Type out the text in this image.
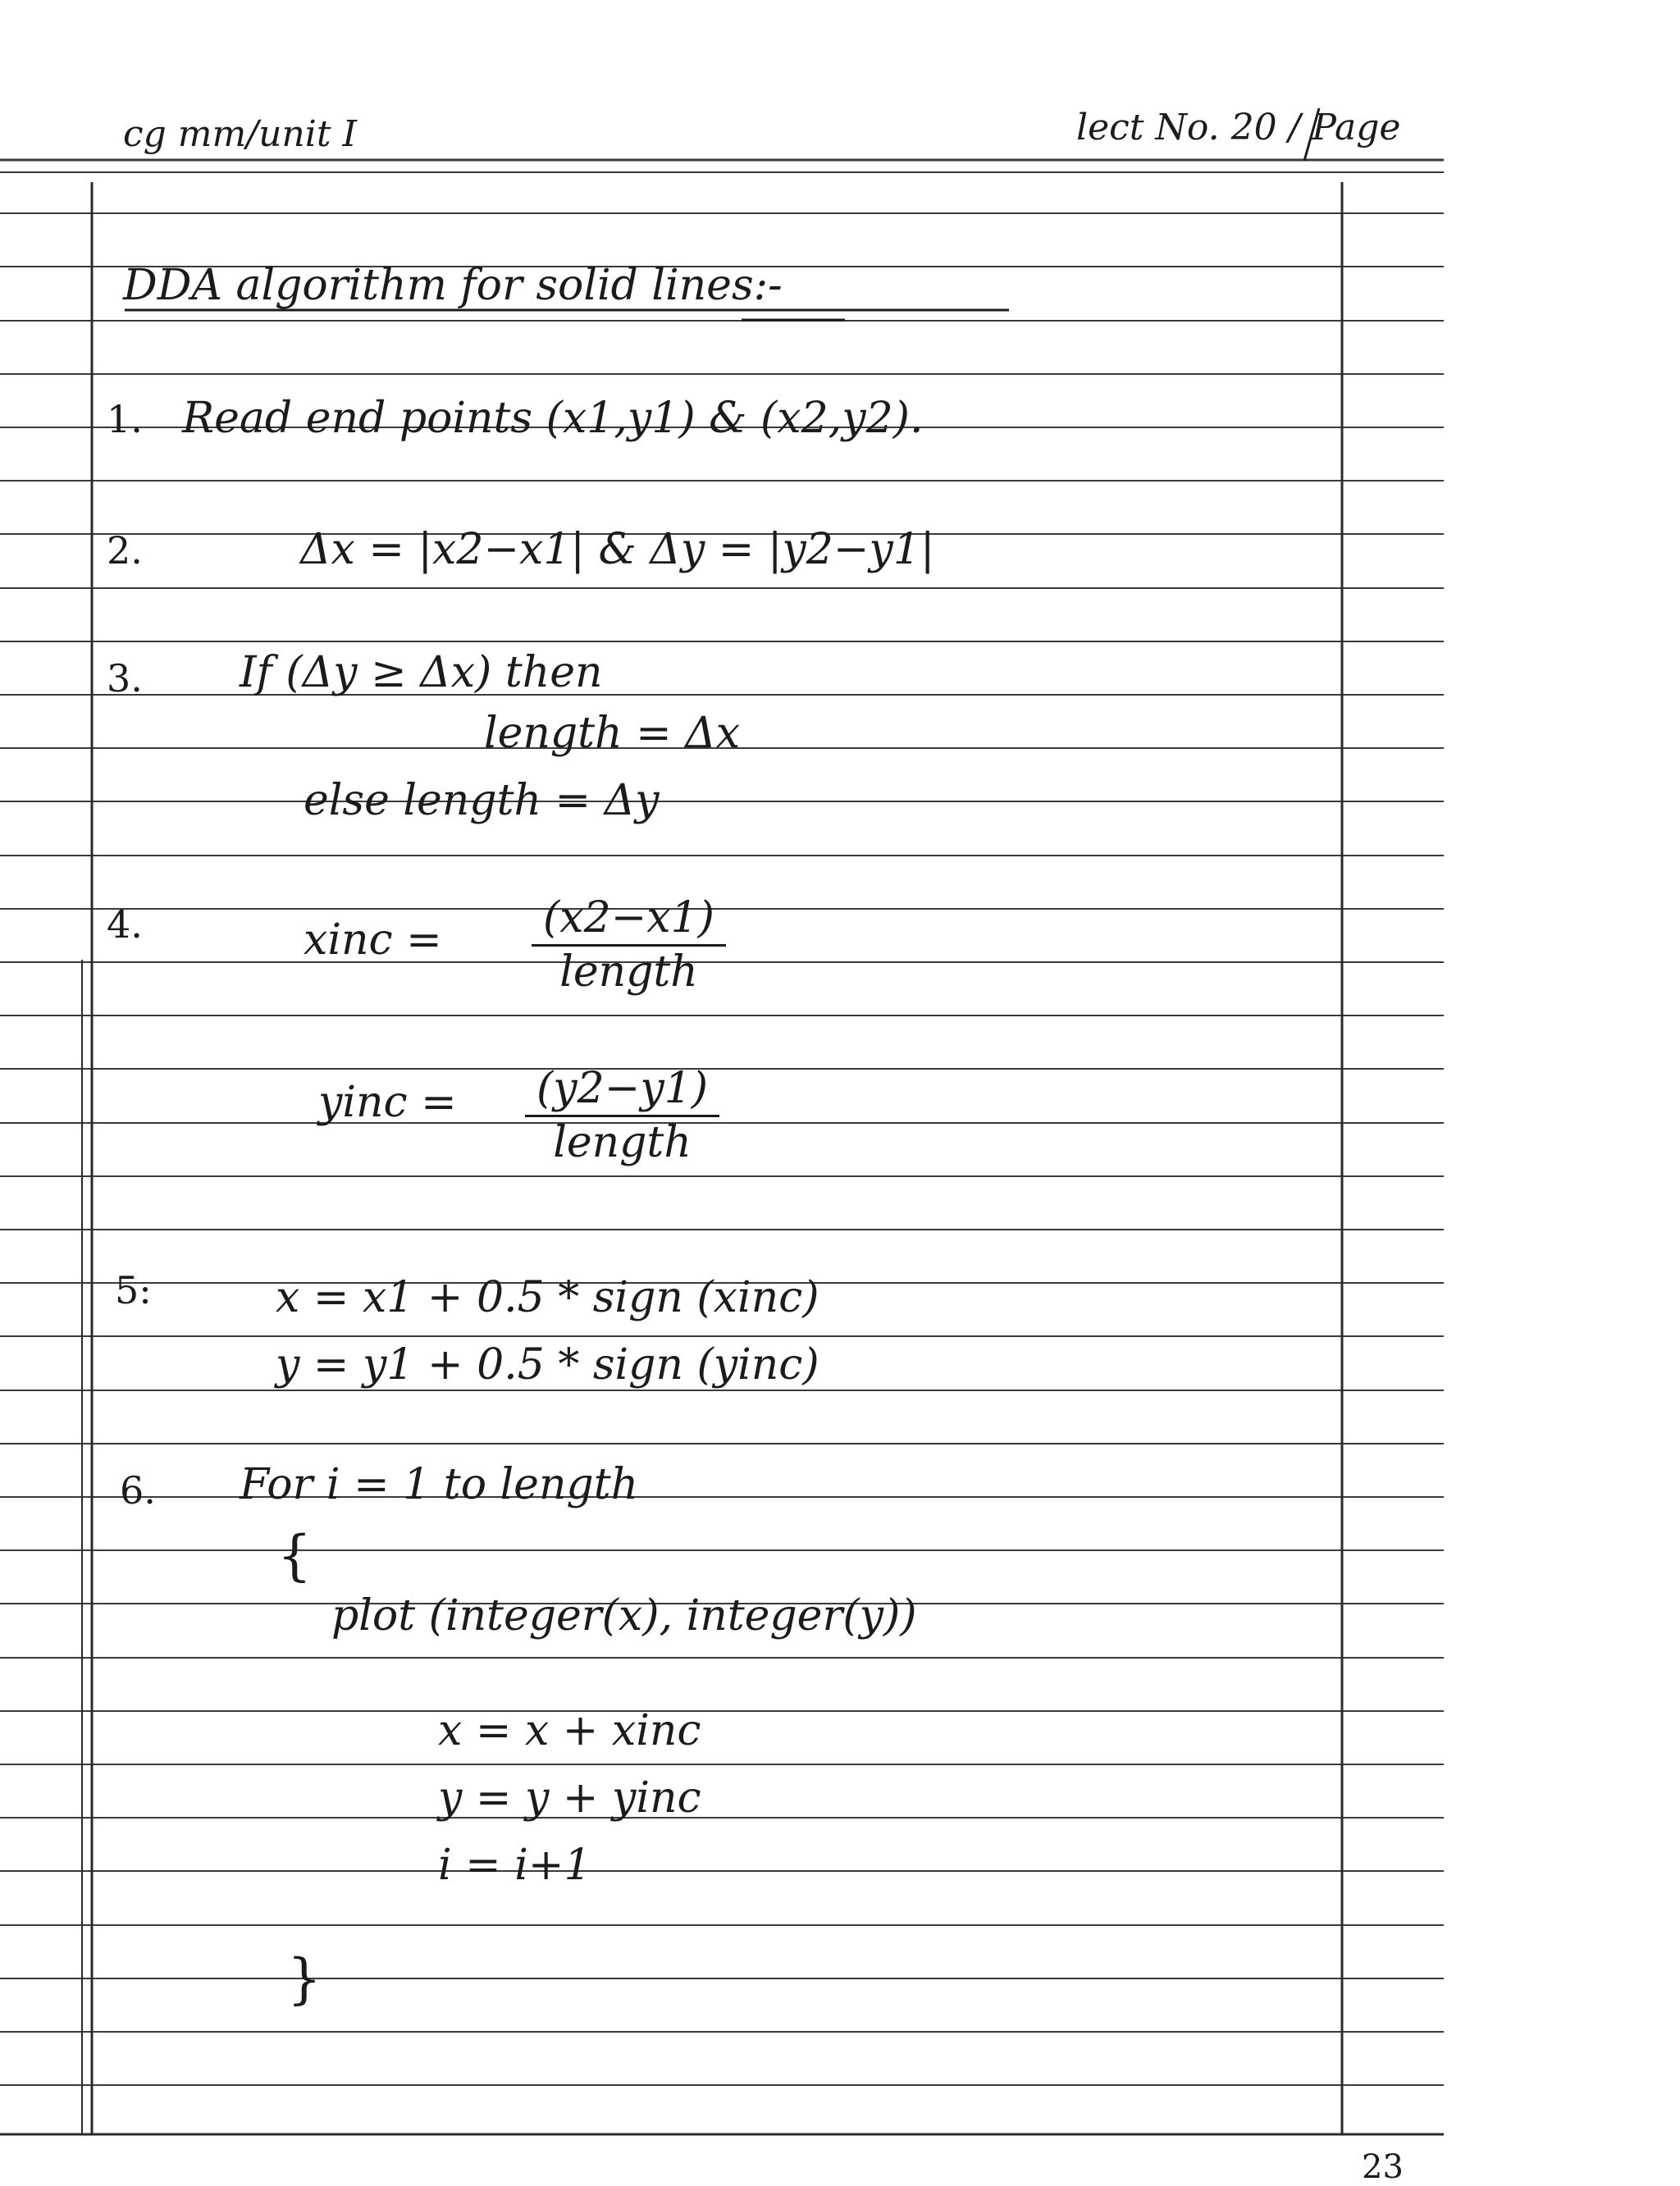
cg mm/unit I	lect No. 20 / Page
DDA algorithm for solid lines:-
1. Read end points (x1,y1) & (x2,y2).
2.	Δx = |x2−x1| & Δy = |y2−y1|
3. If (Δy ≥ Δx) then
length = Δx
else length = Δy
4.	xinc = (x2−x1)
length
yinc = (y2−y1)
length
5:	x = x1 + 0.5 * sign (xinc)
y = y1 + 0.5 * sign (yinc)
6. For i = 1 to length
{
plot (integer(x), integer(y))
x = x + xinc
y = y + yinc
i = i+1
}
23
